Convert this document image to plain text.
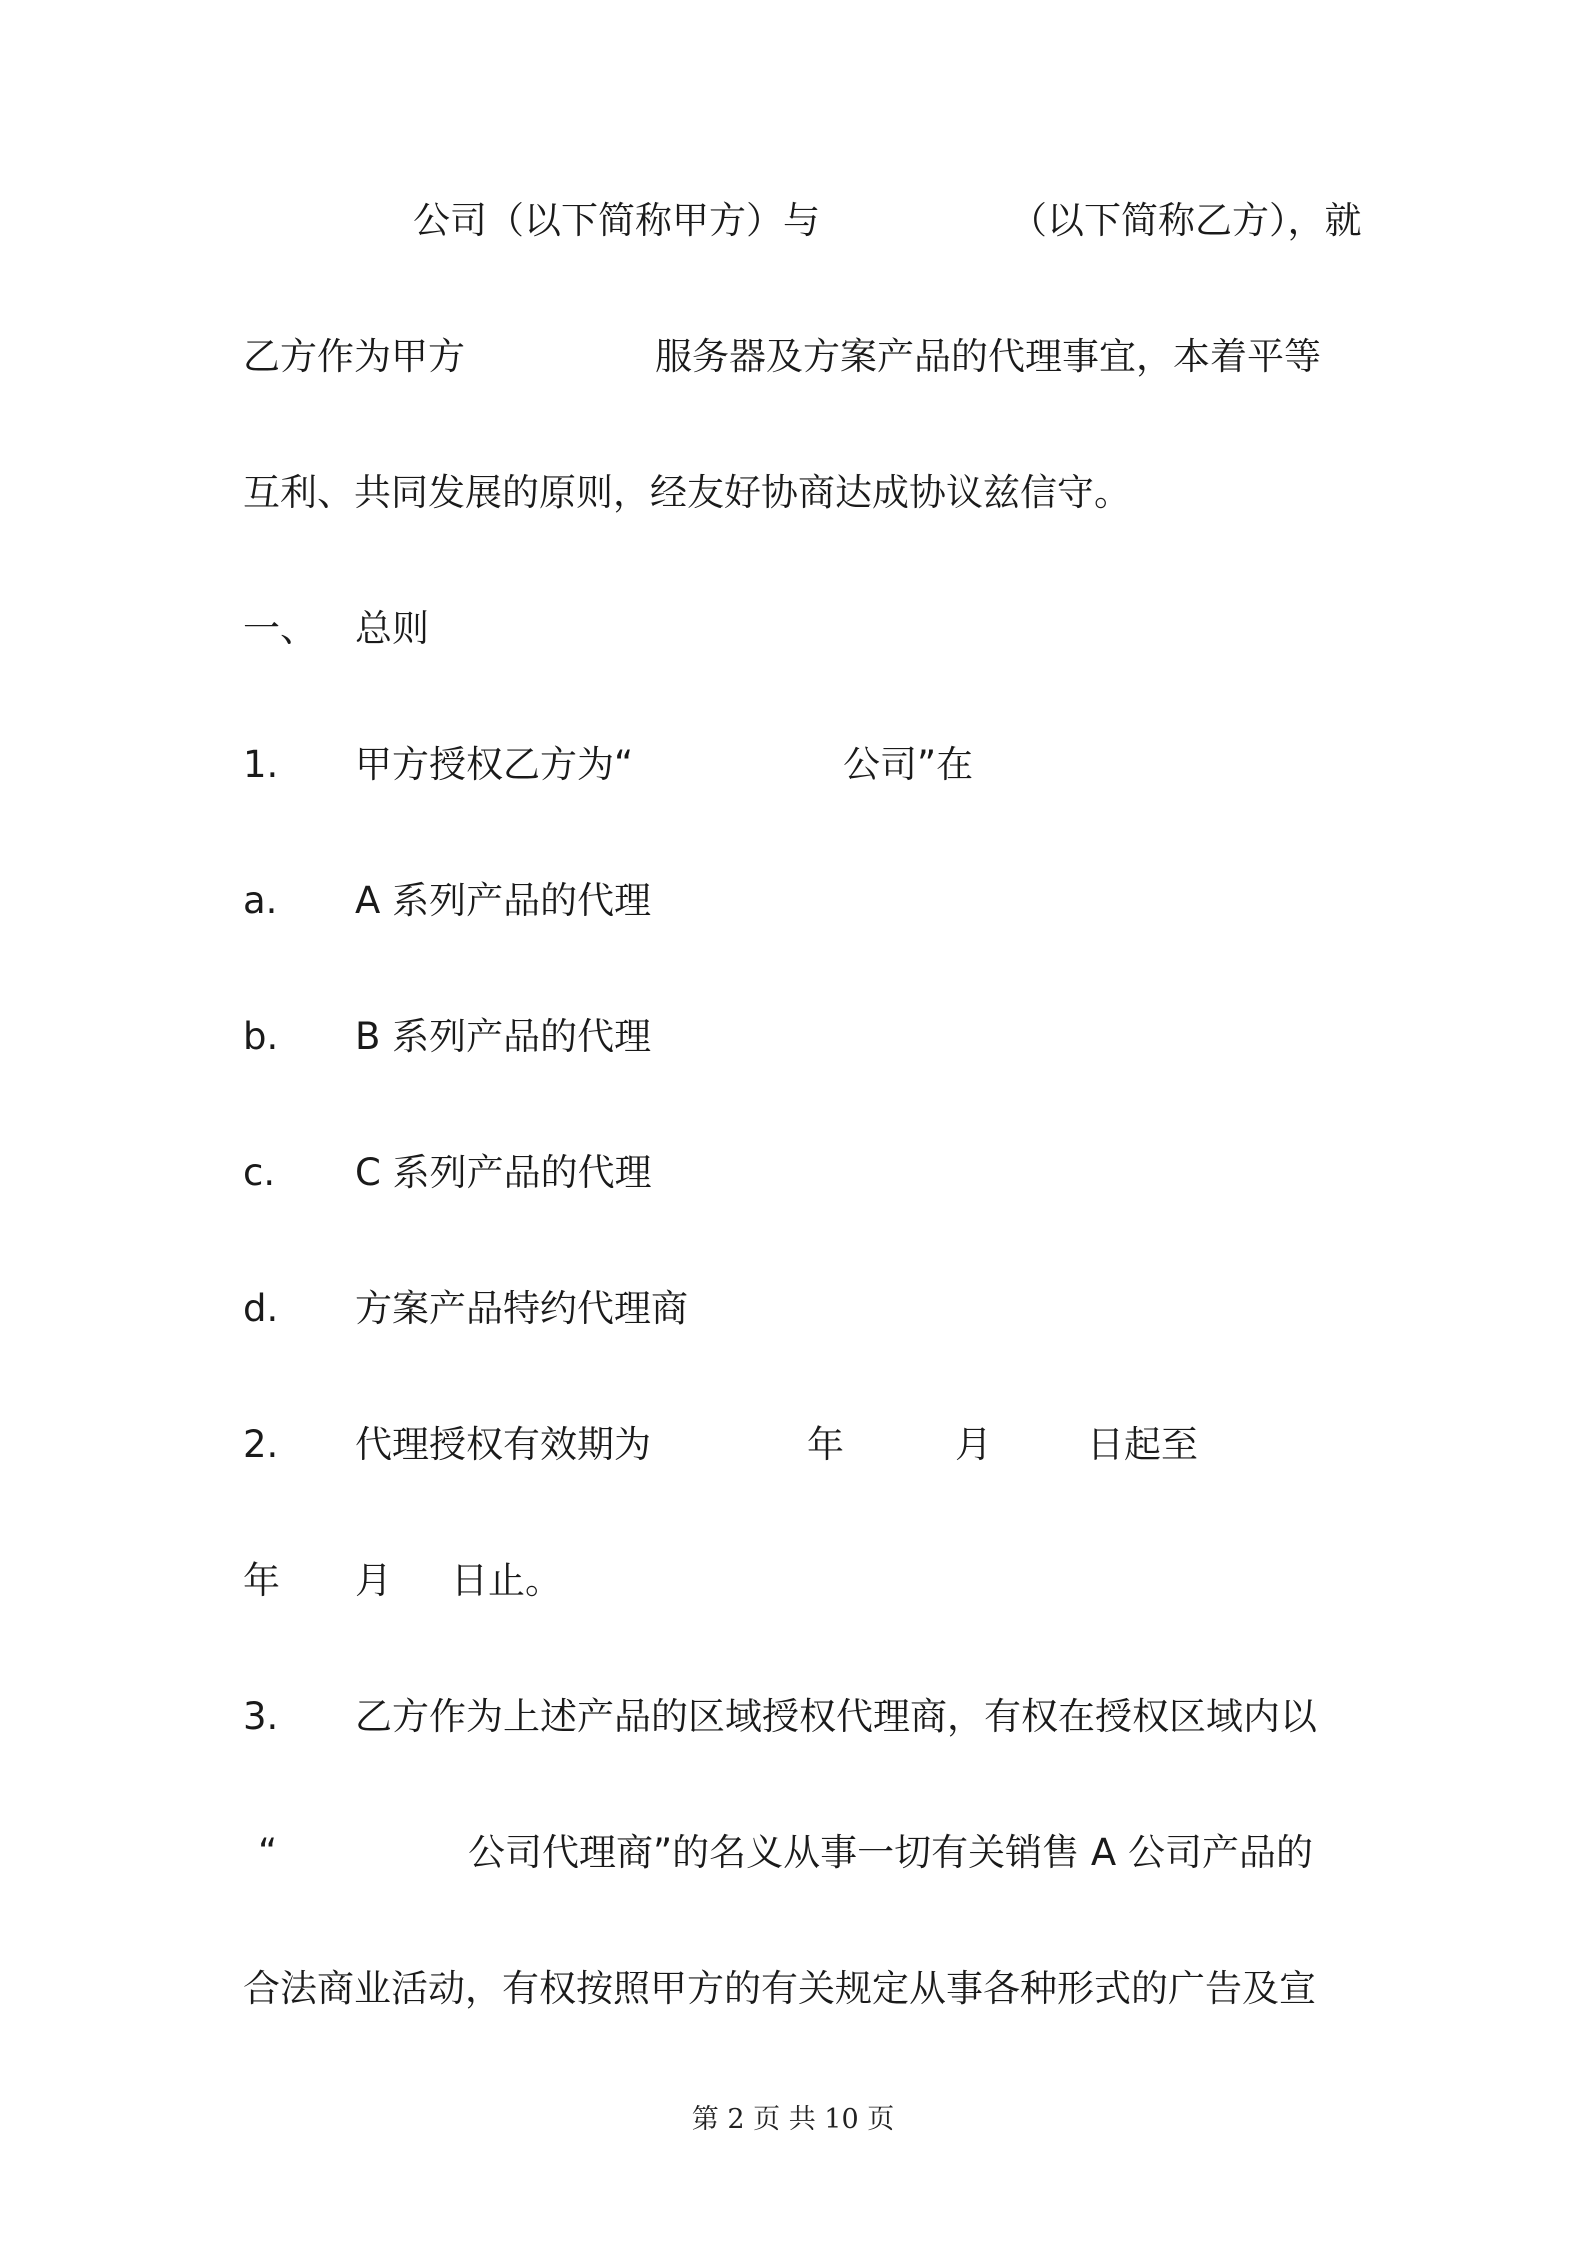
公司（以下简称甲方）与	（以下简称乙方），就
乙方作为甲方	服务器及方案产品的代理事宜，本着平等
互利、共同发展的原则，经友好协商达成协议兹信守。
一、 总则
1. 甲方授权乙方为“	公司”在
a. A 系列产品的代理
b. B 系列产品的代理
c. C 系列产品的代理
d. 方案产品特约代理商
2. 代理授权有效期为	年	月	日起至
年 月 日止。
3. 乙方作为上述产品的区域授权代理商，有权在授权区域内以
“	公司代理商”的名义从事一切有关销售 A 公司产品的
合法商业活动，有权按照甲方的有关规定从事各种形式的广告及宣
第 2 页 共 10 页
